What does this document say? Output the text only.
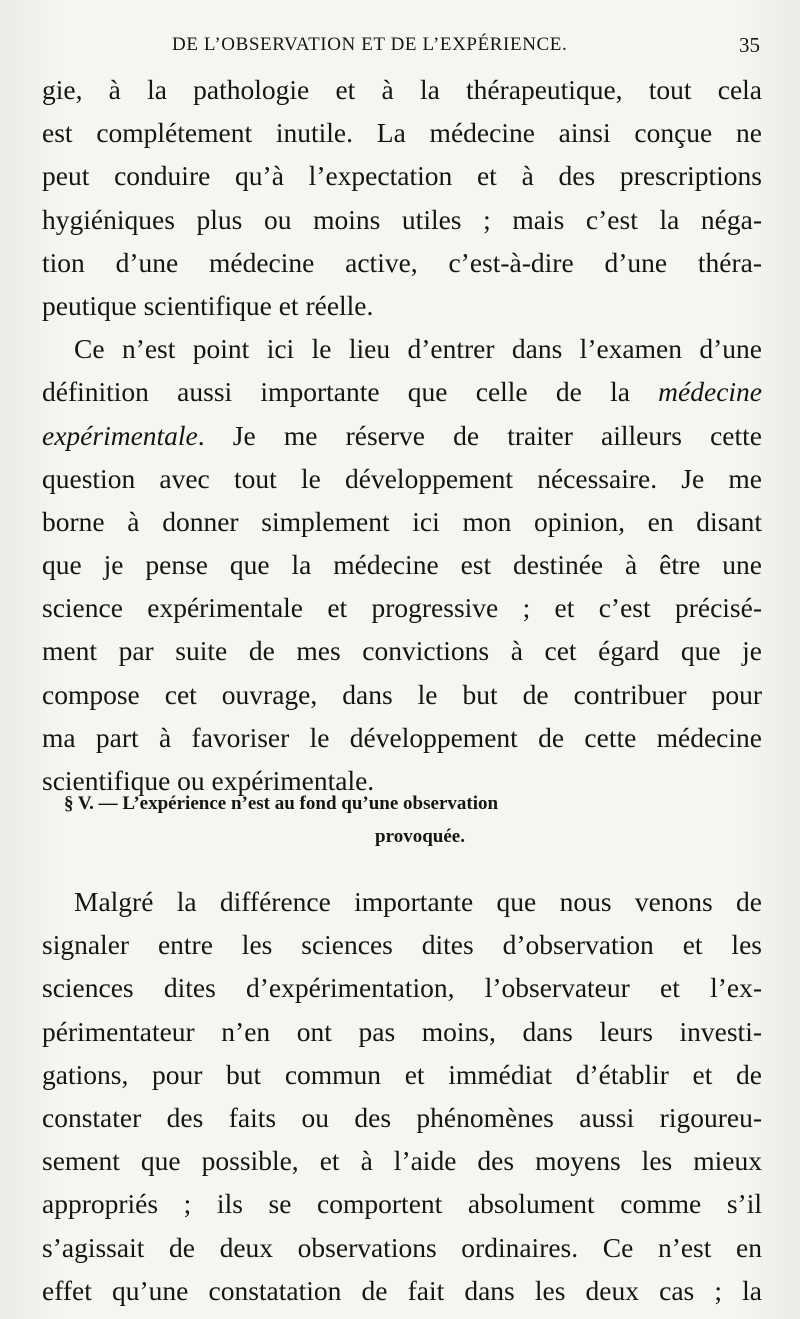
DE L’OBSERVATION ET DE L’EXPÉRIENCE.	35
gie, à la pathologie et à la thérapeutique, tout cela
est complétement inutile. La médecine ainsi conçue ne
peut conduire qu’à l’expectation et à des prescriptions
hygiéniques plus ou moins utiles ; mais c’est la néga-
tion d’une médecine active, c’est-à-dire d’une théra-
peutique scientifique et réelle.
Ce n’est point ici le lieu d’entrer dans l’examen d’une
définition aussi importante que celle de la médecine
expérimentale. Je me réserve de traiter ailleurs cette
question avec tout le développement nécessaire. Je me
borne à donner simplement ici mon opinion, en disant
que je pense que la médecine est destinée à être une
science expérimentale et progressive ; et c’est précisé-
ment par suite de mes convictions à cet égard que je
compose cet ouvrage, dans le but de contribuer pour
ma part à favoriser le développement de cette médecine
scientifique ou expérimentale.
§ V. — L’expérience n’est au fond qu’une observation
provoquée.
Malgré la différence importante que nous venons de
signaler entre les sciences dites d’observation et les
sciences dites d’expérimentation, l’observateur et l’ex-
périmentateur n’en ont pas moins, dans leurs investi-
gations, pour but commun et immédiat d’établir et de
constater des faits ou des phénomènes aussi rigoureu-
sement que possible, et à l’aide des moyens les mieux
appropriés ; ils se comportent absolument comme s’il
s’agissait de deux observations ordinaires. Ce n’est en
effet qu’une constatation de fait dans les deux cas ; la
